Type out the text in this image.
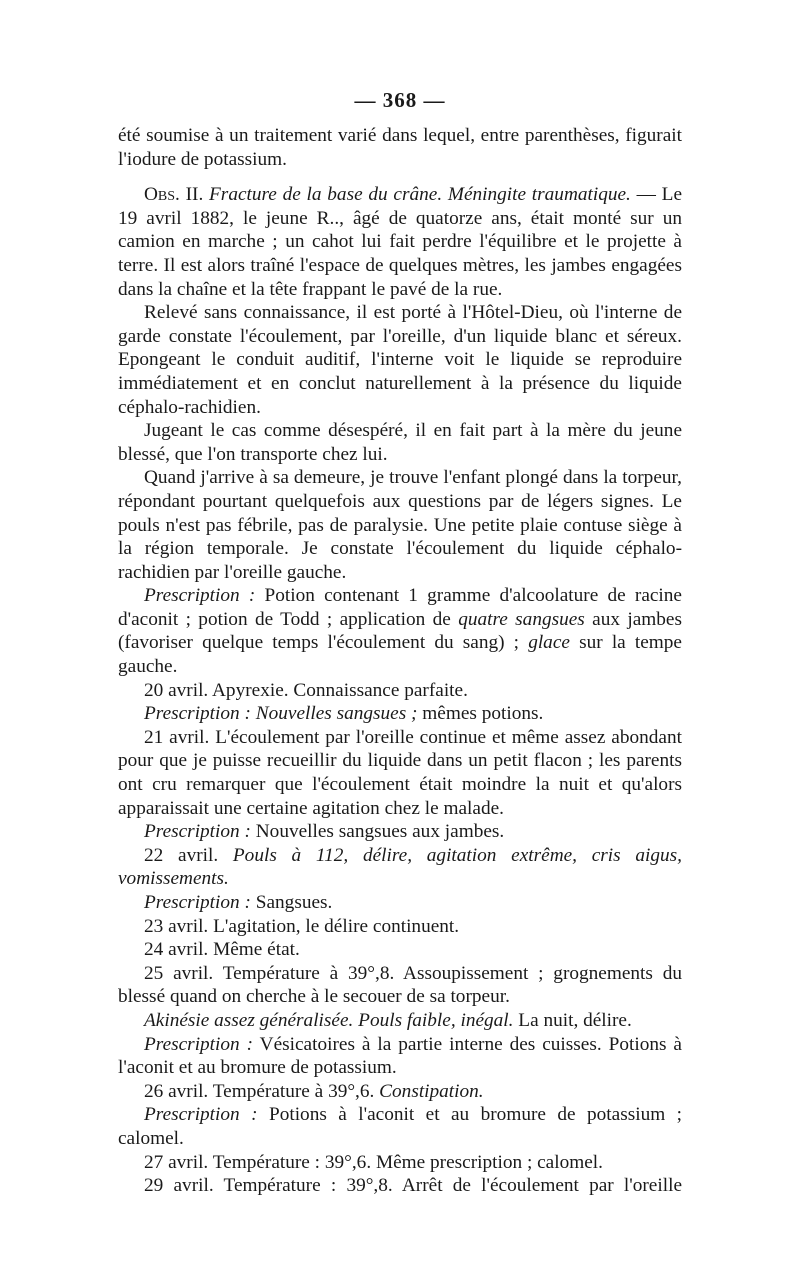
— 368 —

été soumise à un traitement varié dans lequel, entre parenthèses, figurait l'iodure de potassium.

Obs. II. Fracture de la base du crâne. Méningite traumatique. — Le 19 avril 1882, le jeune R.., âgé de quatorze ans, était monté sur un camion en marche ; un cahot lui fait perdre l'équilibre et le projette à terre. Il est alors traîné l'espace de quelques mètres, les jambes engagées dans la chaîne et la tête frappant le pavé de la rue.

Relevé sans connaissance, il est porté à l'Hôtel-Dieu, où l'interne de garde constate l'écoulement, par l'oreille, d'un liquide blanc et séreux. Epongeant le conduit auditif, l'interne voit le liquide se reproduire immédiatement et en conclut naturellement à la présence du liquide céphalo-rachidien.

Jugeant le cas comme désespéré, il en fait part à la mère du jeune blessé, que l'on transporte chez lui.

Quand j'arrive à sa demeure, je trouve l'enfant plongé dans la torpeur, répondant pourtant quelquefois aux questions par de légers signes. Le pouls n'est pas fébrile, pas de paralysie. Une petite plaie contuse siège à la région temporale. Je constate l'écoulement du liquide céphalo-rachidien par l'oreille gauche.

Prescription : Potion contenant 1 gramme d'alcoolature de racine d'aconit ; potion de Todd ; application de quatre sangsues aux jambes (favoriser quelque temps l'écoulement du sang) ; glace sur la tempe gauche.

20 avril. Apyrexie. Connaissance parfaite.

Prescription : Nouvelles sangsues ; mêmes potions.

21 avril. L'écoulement par l'oreille continue et même assez abondant pour que je puisse recueillir du liquide dans un petit flacon ; les parents ont cru remarquer que l'écoulement était moindre la nuit et qu'alors apparaissait une certaine agitation chez le malade.

Prescription : Nouvelles sangsues aux jambes.

22 avril. Pouls à 112, délire, agitation extrême, cris aigus, vomissements.

Prescription : Sangsues.

23 avril. L'agitation, le délire continuent.

24 avril. Même état.

25 avril. Température à 39°,8. Assoupissement ; grognements du blessé quand on cherche à le secouer de sa torpeur.

Akinésie assez généralisée. Pouls faible, inégal. La nuit, délire.

Prescription : Vésicatoires à la partie interne des cuisses. Potions à l'aconit et au bromure de potassium.

26 avril. Température à 39°,6. Constipation.

Prescription : Potions à l'aconit et au bromure de potassium ; calomel.

27 avril. Température : 39°,6. Même prescription ; calomel.

29 avril. Température : 39°,8. Arrêt de l'écoulement par l'oreille
